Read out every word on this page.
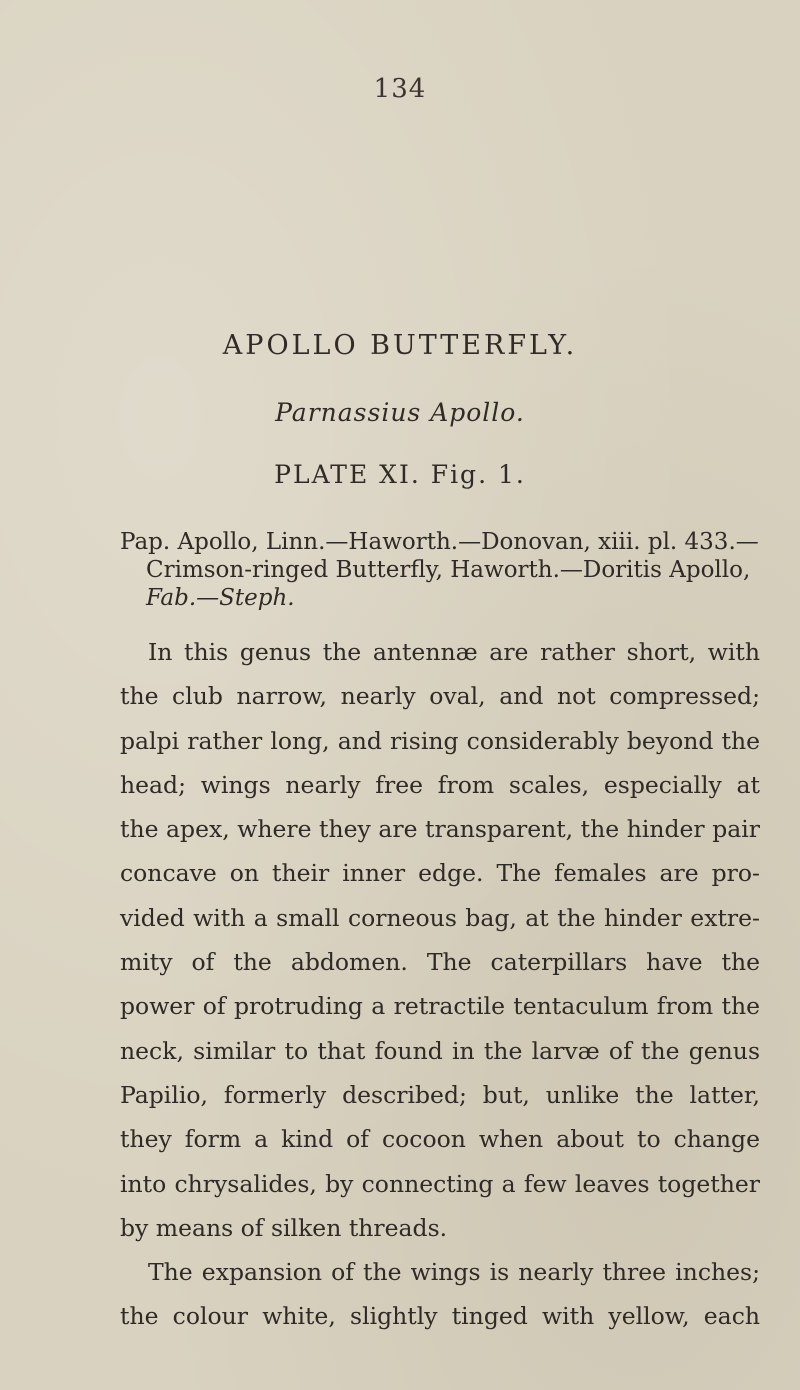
134
APOLLO BUTTERFLY.
Parnassius Apollo.
PLATE XI. Fig. 1.
Pap. Apollo, Linn.—Haworth.—Donovan, xiii. pl. 433.—
Crimson-ringed Butterfly, Haworth.—Doritis Apollo,
Fab.—Steph.
In this genus the antennæ are rather short, with
the club narrow, nearly oval, and not compressed;
palpi rather long, and rising considerably beyond the
head; wings nearly free from scales, especially at
the apex, where they are transparent, the hinder pair
concave on their inner edge. The females are pro-
vided with a small corneous bag, at the hinder extre-
mity of the abdomen. The caterpillars have the
power of protruding a retractile tentaculum from the
neck, similar to that found in the larvæ of the genus
Papilio, formerly described; but, unlike the latter,
they form a kind of cocoon when about to change
into chrysalides, by connecting a few leaves together
by means of silken threads.
The expansion of the wings is nearly three inches;
the colour white, slightly tinged with yellow, each
